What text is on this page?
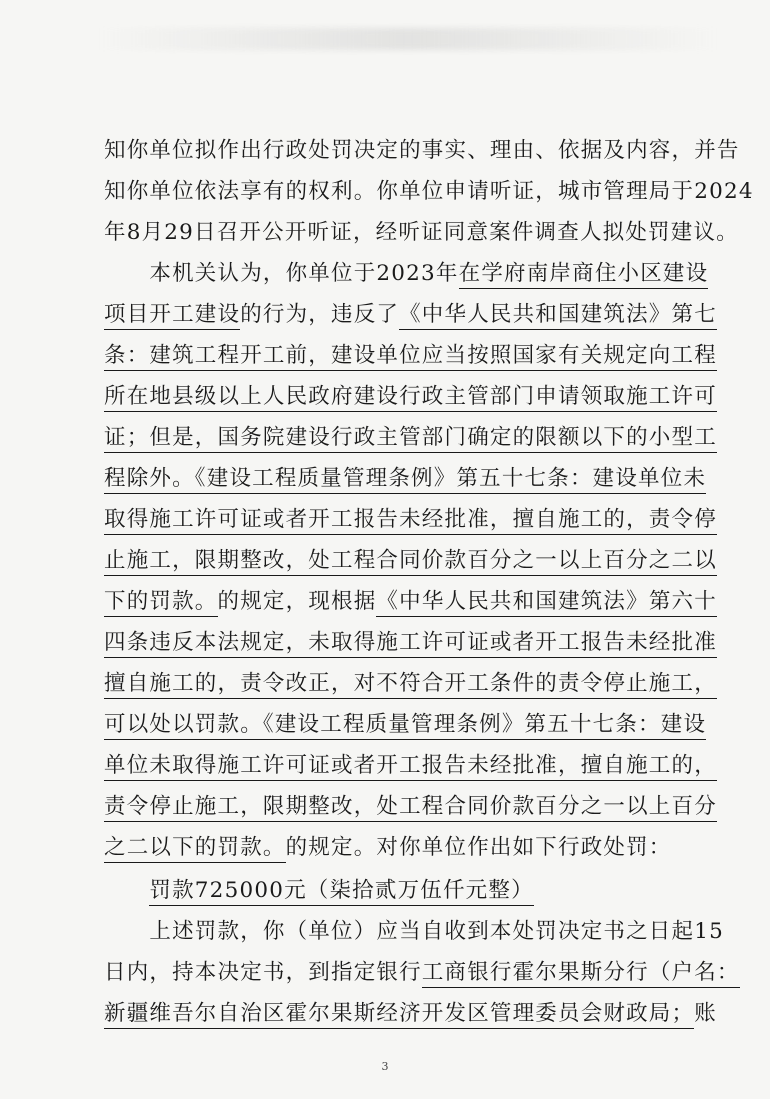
知你单位拟作出行政处罚决定的事实、理由、依据及内容，并告
知你单位依法享有的权利。你单位申请听证，城市管理局于2024
年8月29日召开公开听证，经听证同意案件调查人拟处罚建议。
　　本机关认为，你单位于2023年在学府南岸商住小区建设
项目开工建设的行为，违反了《中华人民共和国建筑法》第七
条：建筑工程开工前，建设单位应当按照国家有关规定向工程
所在地县级以上人民政府建设行政主管部门申请领取施工许可
证；但是，国务院建设行政主管部门确定的限额以下的小型工
程除外。《建设工程质量管理条例》第五十七条：建设单位未
取得施工许可证或者开工报告未经批准，擅自施工的，责令停
止施工，限期整改，处工程合同价款百分之一以上百分之二以
下的罚款。的规定，现根据《中华人民共和国建筑法》第六十
四条违反本法规定，未取得施工许可证或者开工报告未经批准
擅自施工的，责令改正，对不符合开工条件的责令停止施工，
可以处以罚款。《建设工程质量管理条例》第五十七条：建设
单位未取得施工许可证或者开工报告未经批准，擅自施工的，
责令停止施工，限期整改，处工程合同价款百分之一以上百分
之二以下的罚款。的规定。对你单位作出如下行政处罚：
　　罚款725000元（柒拾贰万伍仟元整）
　　上述罚款，你（单位）应当自收到本处罚决定书之日起15
日内，持本决定书，到指定银行工商银行霍尔果斯分行（户名：
新疆维吾尔自治区霍尔果斯经济开发区管理委员会财政局；账
3
